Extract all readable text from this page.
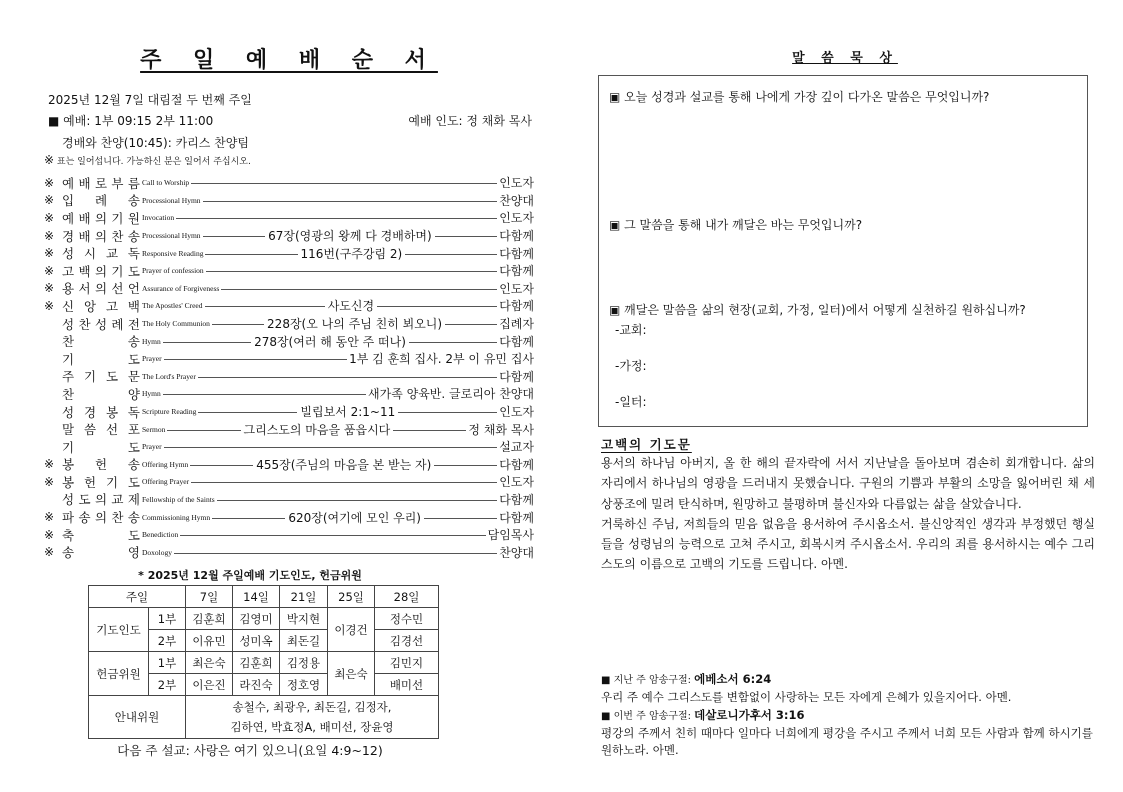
주 일 예 배 순 서
2025년 12월 7일 대림절 두 번째 주일
■ 예배: 1부 09:15 2부 11:00	예배 인도: 정 채화 목사
경배와 찬양(10:45): 카리스 찬양팀
※ 표는 일어섭니다. 가능하신 분은 일어서 주십시오.
※ 예 배 로 부 름 Call to Worship	인도자
※ 입 례 송 Processional Hymn	찬양대
※ 예 배 의 기 원 Invocation	인도자
※ 경 배 의 찬 송 Processional Hymn	67장(영광의 왕께 다 경배하며)	다함께
※ 성 시 교 독 Responsive Reading	116번(구주강림 2)	다함께
※ 고 백 의 기 도 Prayer of confession	다함께
※ 용 서 의 선 언 Assurance of Forgiveness	인도자
※ 신 앙 고 백 The Apostles' Creed	사도신경	다함께
성 찬 성 례 전 The Holy Communion	228장(오 나의 주님 친히 뵈오니)	집례자
찬	송 Hymn	278장(여러 해 동안 주 떠나)	다함께
기	도 Prayer	1부 김 훈희 집사. 2부 이 유민 집사
주 기 도 문 The Lord's Prayer	다함께
찬	양 Hymn	새가족 양육반. 글로리아 찬양대
성 경 봉 독 Scripture Reading	빌립보서 2:1~11	인도자
말 씀 선 포 Sermon	그리스도의 마음을 품읍시다	정 채화 목사
기	도 Prayer	설교자
※ 봉 헌 송 Offering Hymn	455장(주님의 마음을 본 받는 자)	다함께
※ 봉 헌 기 도 Offering Prayer	인도자
성 도 의 교 제 Fellowship of the Saints	다함께
※ 파 송 의 찬 송 Commissioning Hymn	620장(여기에 모인 우리)	다함께
※ 축	도 Benediction	담임목사
※ 송	영 Doxology	찬양대
* 2025년 12월 주일예배 기도인도, 헌금위원
주일		7일	14일	21일	25일	28일
기도인도	1부	김훈희	김영미	박지현	이경건	정수민
	2부	이유민	성미옥	최돈길		김경선
헌금위원	1부	최은숙	김훈희	김정용	최은숙	김민지
	2부	이은진	라진숙	정호영		배미선
안내위원		송철수, 최광우, 최돈길, 김정자,
김하연, 박효정A, 배미선, 장윤영				
다음 주 설교: 사랑은 여기 있으니(요일 4:9~12)
말 씀 묵 상
▣ 오늘 성경과 설교를 통해 나에게 가장 깊이 다가온 말씀은 무엇입니까?
▣ 그 말씀을 통해 내가 깨달은 바는 무엇입니까?
▣ 깨달은 말씀을 삶의 현장(교회, 가정, 일터)에서 어떻게 실천하길 원하십니까?
-교회:
-가정:
-일터:
고백의 기도문
용서의 하나님 아버지, 올 한 해의 끝자락에 서서 지난날을 돌아보며 겸손히 회개합니다. 삶의 자리에서 하나님의 영광을 드러내지 못했습니다. 구원의 기쁨과 부활의 소망을 잃어버린 채 세상풍조에 밀려 탄식하며, 원망하고 불평하며 불신자와 다름없는 삶을 살았습니다.
거룩하신 주님, 저희들의 믿음 없음을 용서하여 주시옵소서. 불신앙적인 생각과 부정했던 행실들을 성령님의 능력으로 고쳐 주시고, 회복시켜 주시옵소서. 우리의 죄를 용서하시는 예수 그리스도의 이름으로 고백의 기도를 드립니다. 아멘.
■ 지난 주 암송구절: 에베소서 6:24
우리 주 예수 그리스도를 변함없이 사랑하는 모든 자에게 은혜가 있을지어다. 아멘.
■ 이번 주 암송구절: 데살로니가후서 3:16
평강의 주께서 친히 때마다 일마다 너희에게 평강을 주시고 주께서 너희 모든 사람과 함께 하시기를 원하노라. 아멘.
